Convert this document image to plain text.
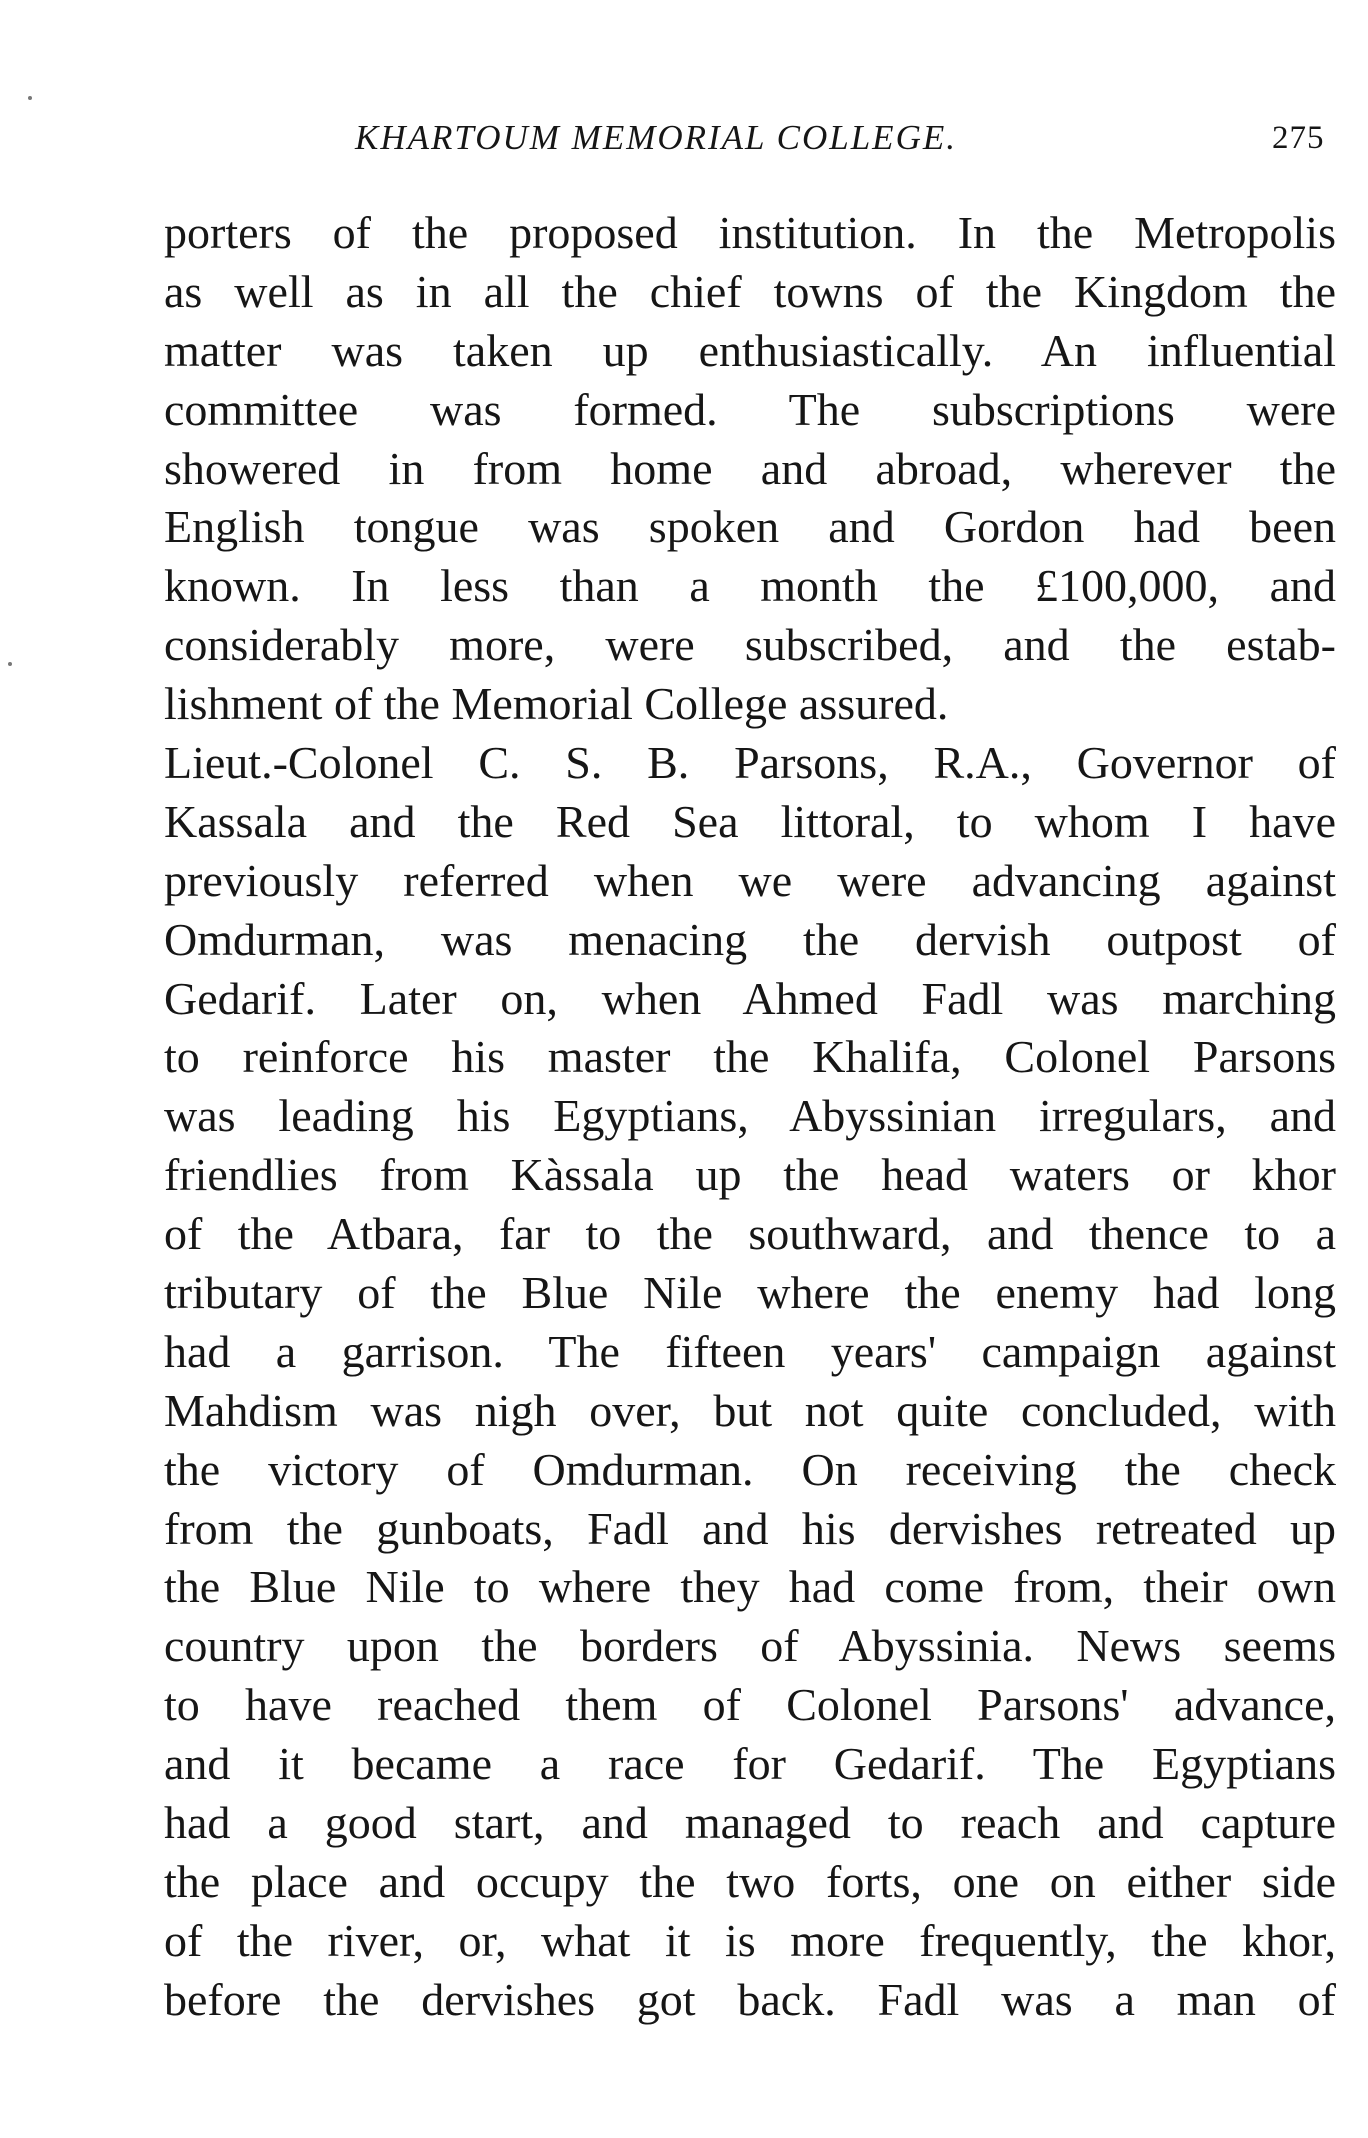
KHARTOUM MEMORIAL COLLEGE.	275
porters of the proposed institution. In the Metropolis
as well as in all the chief towns of the Kingdom the
matter was taken up enthusiastically. An influential
committee was formed. The subscriptions were
showered in from home and abroad, wherever the
English tongue was spoken and Gordon had been
known. In less than a month the £100,000, and
considerably more, were subscribed, and the estab-
lishment of the Memorial College assured.
Lieut.-Colonel C. S. B. Parsons, R.A., Governor of
Kassala and the Red Sea littoral, to whom I have
previously referred when we were advancing against
Omdurman, was menacing the dervish outpost of
Gedarif. Later on, when Ahmed Fadl was marching
to reinforce his master the Khalifa, Colonel Parsons
was leading his Egyptians, Abyssinian irregulars, and
friendlies from Kàssala up the head waters or khor
of the Atbara, far to the southward, and thence to a
tributary of the Blue Nile where the enemy had long
had a garrison. The fifteen years' campaign against
Mahdism was nigh over, but not quite concluded, with
the victory of Omdurman. On receiving the check
from the gunboats, Fadl and his dervishes retreated up
the Blue Nile to where they had come from, their own
country upon the borders of Abyssinia. News seems
to have reached them of Colonel Parsons' advance,
and it became a race for Gedarif. The Egyptians
had a good start, and managed to reach and capture
the place and occupy the two forts, one on either side
of the river, or, what it is more frequently, the khor,
before the dervishes got back. Fadl was a man of
